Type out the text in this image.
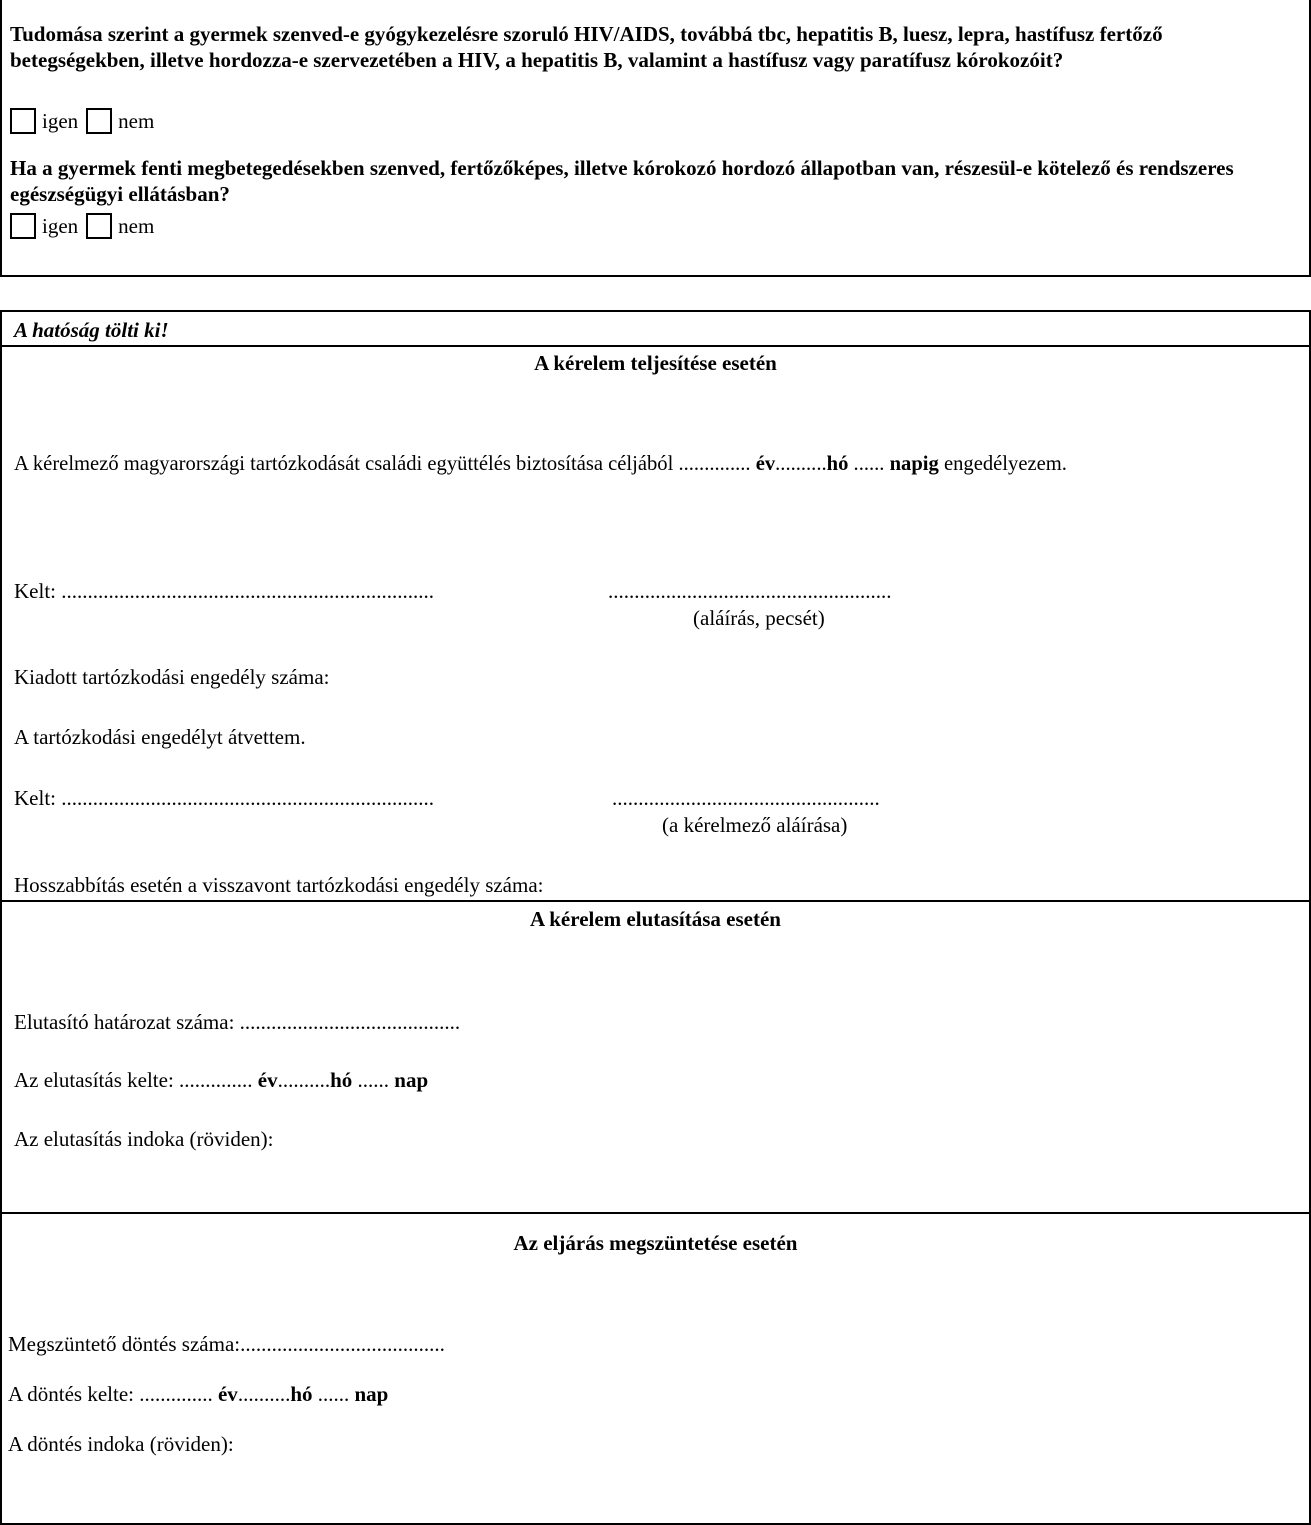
Tudomása szerint a gyermek szenved-e gyógykezelésre szoruló HIV/AIDS, továbbá tbc, hepatitis B, luesz, lepra, hastífusz fertőző betegségekben, illetve hordozza-e szervezetében a HIV, a hepatitis B, valamint a hastífusz vagy paratífusz kórokozóit?

igen nem

Ha a gyermek fenti megbetegedésekben szenved, fertőzőképes, illetve kórokozó hordozó állapotban van, részesül-e kötelező és rendszeres egészségügyi ellátásban?

igen nem
A hatóság tölti ki!
A kérelem teljesítése esetén
A kérelmező magyarországi tartózkodását családi együttélés biztosítása céljából .............. év..........hó ...... napig engedélyezem.
Kelt: .......................................................................	......................................................
(aláírás, pecsét)
Kiadott tartózkodási engedély száma:
A tartózkodási engedélyt átvettem.
Kelt: .......................................................................	...................................................
(a kérelmező aláírása)
Hosszabbítás esetén a visszavont tartózkodási engedély száma:
A kérelem elutasítása esetén
Elutasító határozat száma: ..........................................
Az elutasítás kelte: .............. év..........hó ...... nap
Az elutasítás indoka (röviden):
Az eljárás megszüntetése esetén
Megszüntető döntés száma:.......................................
A döntés kelte: .............. év..........hó ...... nap
A döntés indoka (röviden):
